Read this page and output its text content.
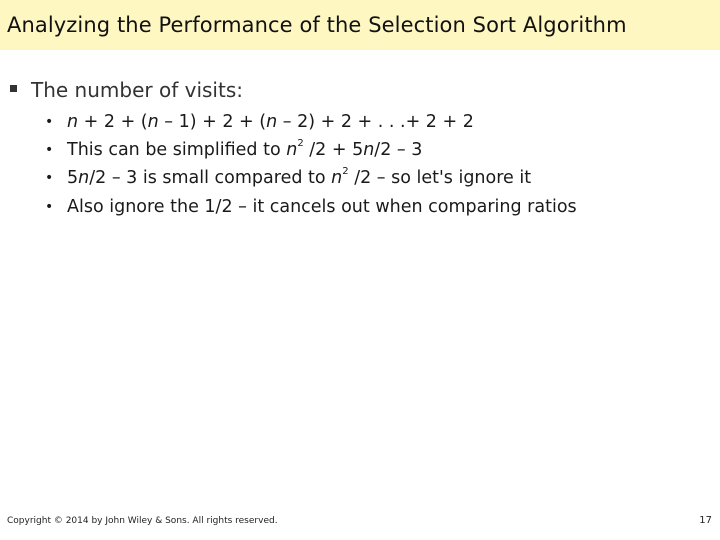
Analyzing the Performance of the Selection Sort Algorithm
The number of visits:
• n + 2 + (n – 1) + 2 + (n – 2) + 2 + . . .+ 2 + 2
• This can be simplified to $n^2$ /2 + 5n/2 – 3
• 5n/2 – 3 is small compared to $n^2$ /2 – so let's ignore it
• Also ignore the 1/2 – it cancels out when comparing ratios
Copyright © 2014 by John Wiley & Sons. All rights reserved.	17
